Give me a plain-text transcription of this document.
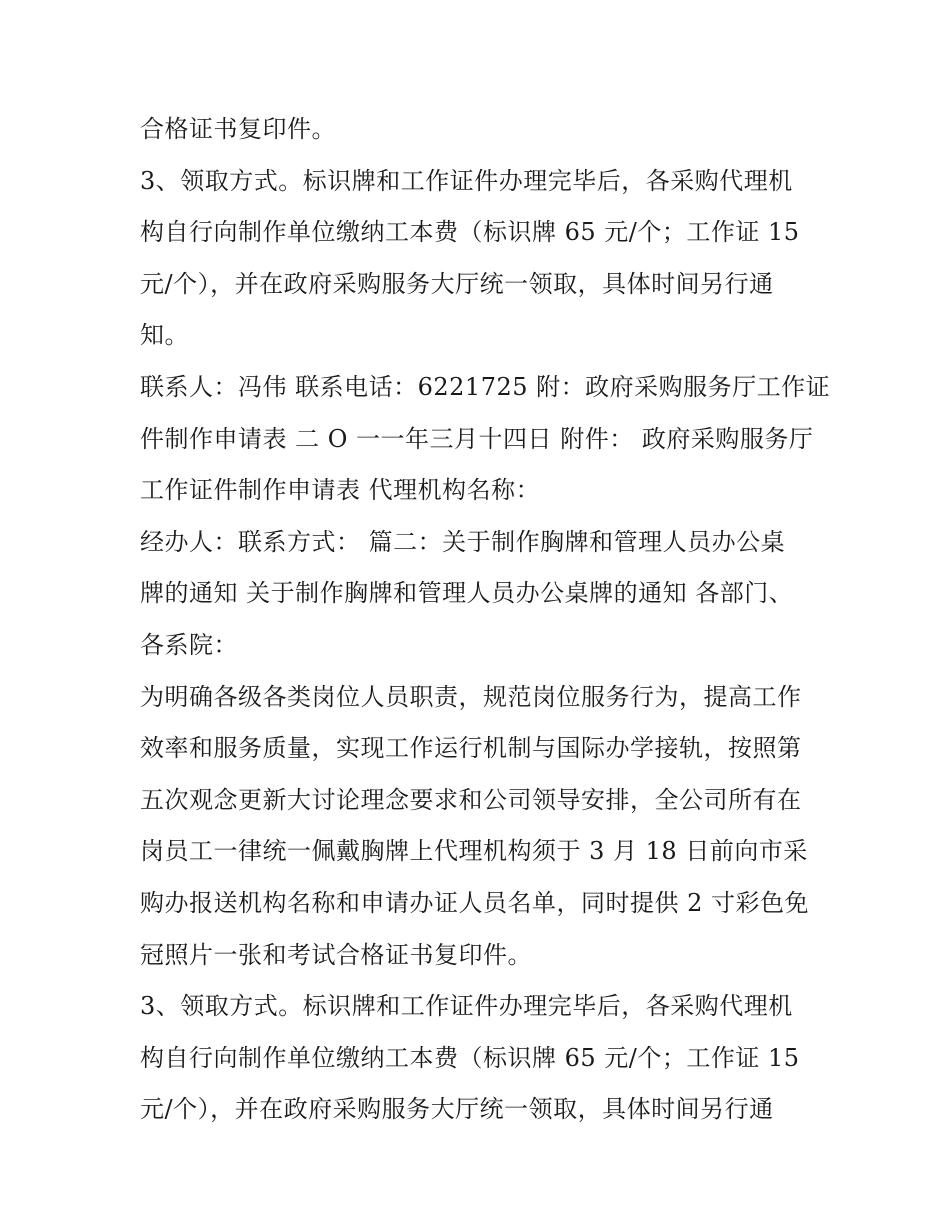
合格证书复印件。
3、领取方式。标识牌和工作证件办理完毕后，各采购代理机
构自行向制作单位缴纳工本费（标识牌 65 元/个；工作证 15
元/个），并在政府采购服务大厅统一领取，具体时间另行通
知。
联系人：冯伟 联系电话：6221725 附：政府采购服务厅工作证
件制作申请表 二 O 一一年三月十四日 附件： 政府采购服务厅
工作证件制作申请表 代理机构名称：
经办人：联系方式： 篇二：关于制作胸牌和管理人员办公桌
牌的通知 关于制作胸牌和管理人员办公桌牌的通知 各部门、
各系院：
为明确各级各类岗位人员职责，规范岗位服务行为，提高工作
效率和服务质量，实现工作运行机制与国际办学接轨，按照第
五次观念更新大讨论理念要求和公司领导安排，全公司所有在
岗员工一律统一佩戴胸牌上代理机构须于 3 月 18 日前向市采
购办报送机构名称和申请办证人员名单，同时提供 2 寸彩色免
冠照片一张和考试合格证书复印件。
3、领取方式。标识牌和工作证件办理完毕后，各采购代理机
构自行向制作单位缴纳工本费（标识牌 65 元/个；工作证 15
元/个），并在政府采购服务大厅统一领取，具体时间另行通
